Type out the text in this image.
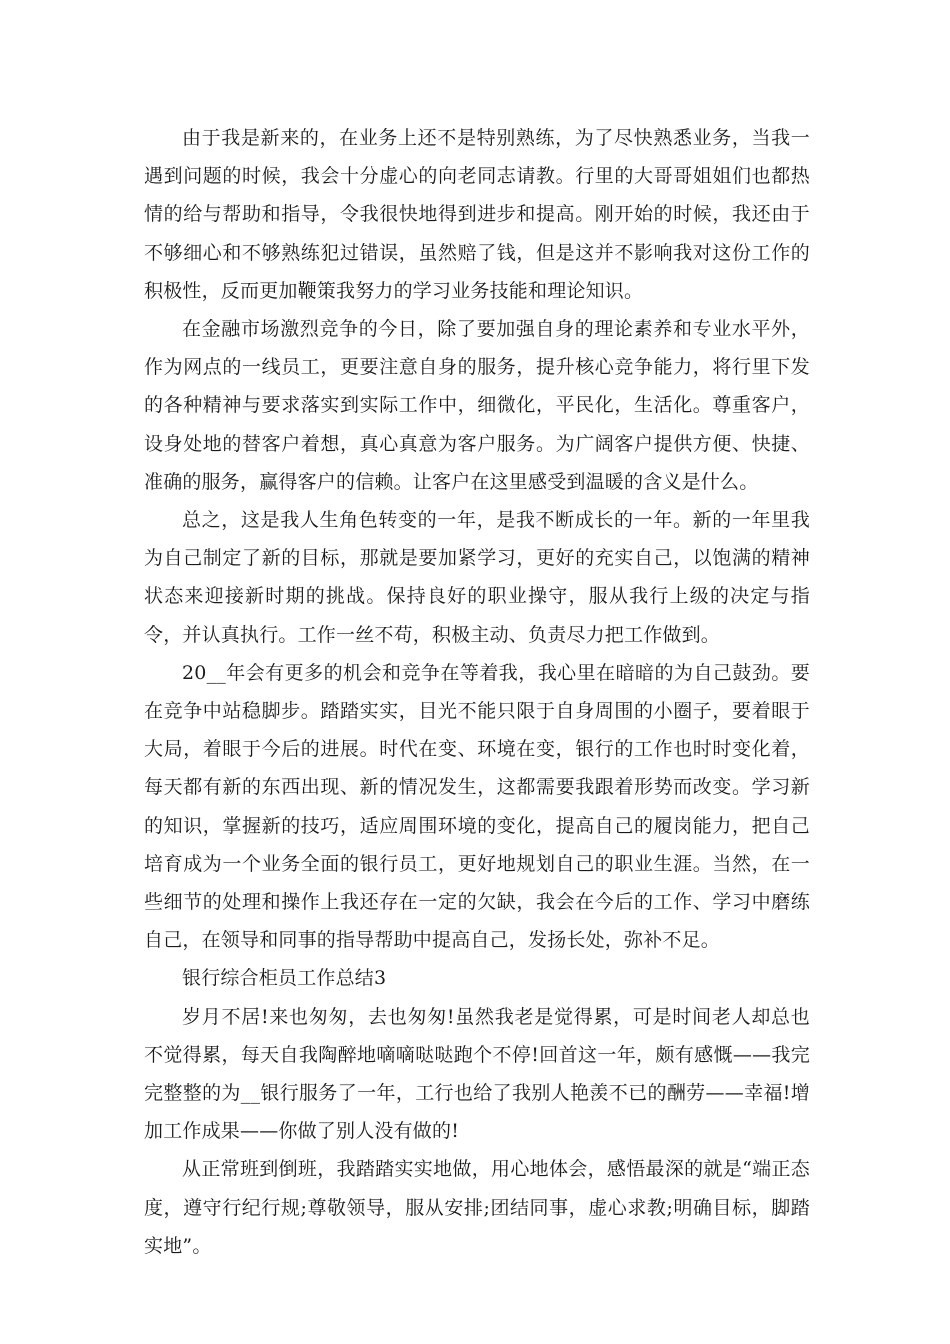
由于我是新来的，在业务上还不是特别熟练，为了尽快熟悉业务，当我一遇到问题的时候，我会十分虚心的向老同志请教。行里的大哥哥姐姐们也都热情的给与帮助和指导，令我很快地得到进步和提高。刚开始的时候，我还由于不够细心和不够熟练犯过错误，虽然赔了钱，但是这并不影响我对这份工作的积极性，反而更加鞭策我努力的学习业务技能和理论知识。

在金融市场激烈竞争的今日，除了要加强自身的理论素养和专业水平外，作为网点的一线员工，更要注意自身的服务，提升核心竞争能力，将行里下发的各种精神与要求落实到实际工作中，细微化，平民化，生活化。尊重客户，设身处地的替客户着想，真心真意为客户服务。为广阔客户提供方便、快捷、准确的服务，赢得客户的信赖。让客户在这里感受到温暖的含义是什么。

总之，这是我人生角色转变的一年，是我不断成长的一年。新的一年里我为自己制定了新的目标，那就是要加紧学习，更好的充实自己，以饱满的精神状态来迎接新时期的挑战。保持良好的职业操守，服从我行上级的决定与指令，并认真执行。工作一丝不苟，积极主动、负责尽力把工作做到。

20__年会有更多的机会和竞争在等着我，我心里在暗暗的为自己鼓劲。要在竞争中站稳脚步。踏踏实实，目光不能只限于自身周围的小圈子，要着眼于大局，着眼于今后的进展。时代在变、环境在变，银行的工作也时时变化着，每天都有新的东西出现、新的情况发生，这都需要我跟着形势而改变。学习新的知识，掌握新的技巧，适应周围环境的变化，提高自己的履岗能力，把自己培育成为一个业务全面的银行员工，更好地规划自己的职业生涯。当然，在一些细节的处理和操作上我还存在一定的欠缺，我会在今后的工作、学习中磨练自己，在领导和同事的指导帮助中提高自己，发扬长处，弥补不足。

银行综合柜员工作总结3

岁月不居!来也匆匆，去也匆匆!虽然我老是觉得累，可是时间老人却总也不觉得累，每天自我陶醉地嘀嘀哒哒跑个不停!回首这一年，颇有感慨——我完完整整的为__银行服务了一年，工行也给了我别人艳羡不已的酬劳——幸福!增加工作成果——你做了别人没有做的!

从正常班到倒班，我踏踏实实地做，用心地体会，感悟最深的就是“端正态度，遵守行纪行规;尊敬领导，服从安排;团结同事，虚心求教;明确目标，脚踏实地”。
